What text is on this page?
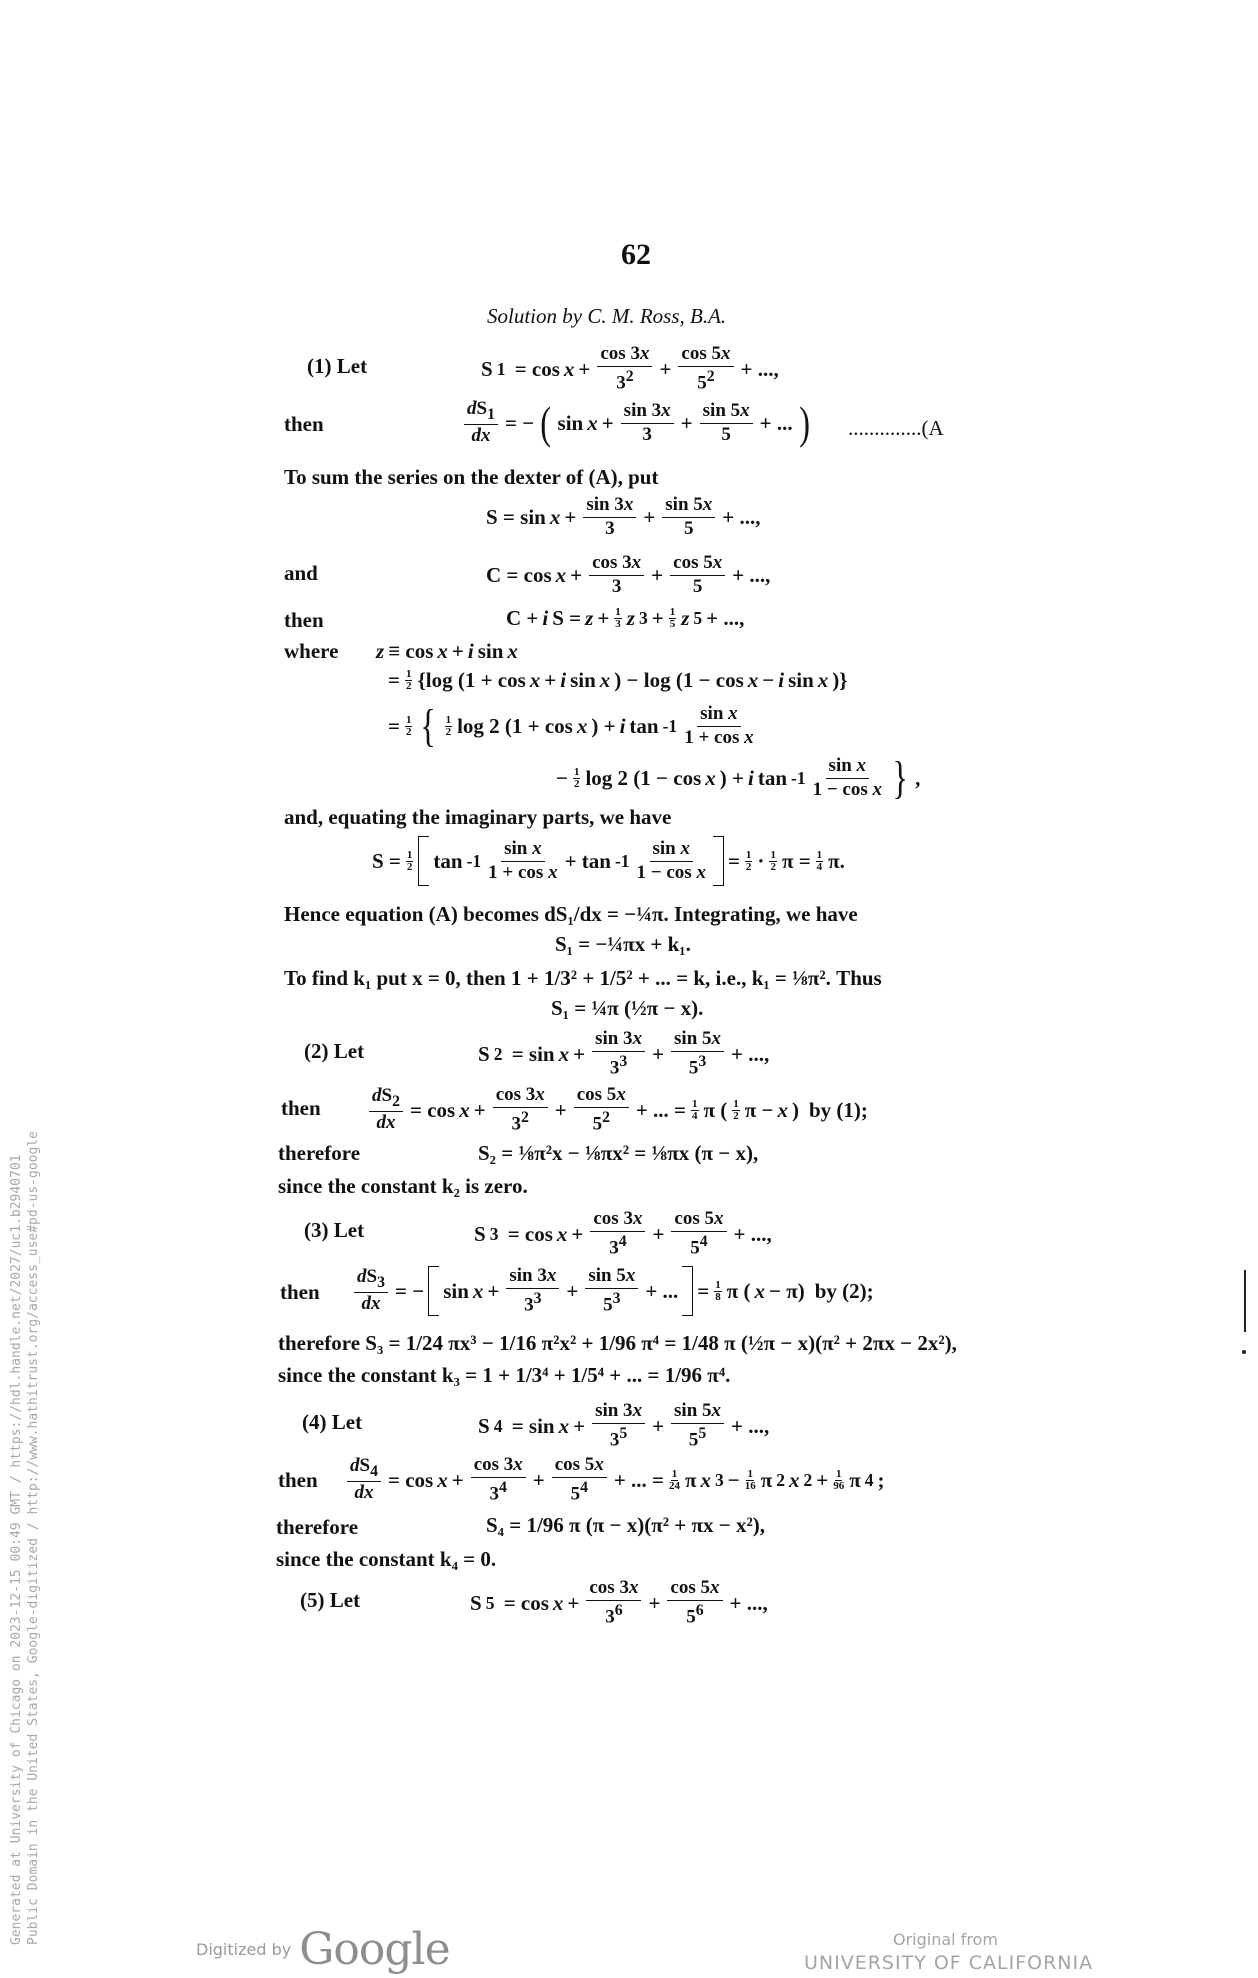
62
Solution by C. M. Ross, B.A.
(1) Let	S $1 = \cos x + \frac{\cos 3x}{3^2} + \frac{\cos 5x}{5^2}$ + ...,
then	$\frac{dS_1}{dx}$ = − ( $\sin x + \frac{\sin 3x}{3} + \frac{\sin 5x}{5}$ + ... ) ..............(A
To sum the series on the dexter of (A), put
$S = \sin x + \frac{\sin 3x}{3} + \frac{\sin 5x}{5}$ + ...,
and	$C = \cos x + \frac{\cos 3x}{3} + \frac{\cos 5x}{5}$ + ...,
then	C + i S = z + 1
3 z 3 + 1
5 z 5 + ...,
where z ≡ cos x + i sin x
= 1
2 {log (1 + cos x + i sin x ) − log (1 − cos x − i sin x )}
= 1
2 { 1
2 log 2 (1 + cos x ) + i $\tan -1 \frac{\text{sin x}}{\text{1 + cos x}}$
− 1
2 log 2 (1 − cos x ) + i $\tan -1 \frac{\text{sin x}}{\text{1 − cos x}}$ } ,
and, equating the imaginary parts, we have
S = 1
2 $\tan -1 \frac{\text{sin x}}{\text{1 + cos x}} + \tan -1 \frac{\text{sin x}}{\text{1 − cos x}} = 1$
2 · 1
2 π = 1
4 π.
Hence equation (A) becomes dS₁/dx = −¼π. Integrating, we have
S₁ = −¼πx + k₁.
To find k₁ put x = 0, then 1 + 1/3² + 1/5² + ... = k, i.e., k₁ = ⅛π². Thus
S₁ = ¼π (½π − x).
(2) Let	S $2 = \sin x + \frac{\sin 3x}{3^3} + \frac{\sin 5x}{5^3}$ + ...,
then	$\frac{dS_2}{dx} = \cos x + \frac{\cos 3x}{3^2} + \frac{\cos 5x}{5^2}$ + ... = 1
4 π ( 1
2 π − x ) by (1);
therefore	S₂ = ⅛π²x − ⅛πx² = ⅛πx (π − x),
since the constant k₂ is zero.
(3) Let	S $3 = \cos x + \frac{\cos 3x}{3^4} + \frac{\cos 5x}{5^4}$ + ...,
then $\frac{dS_3}{dx}$ = −
$\sin x + \frac{\sin 3x}{3^3} + \frac{\sin 5x}{5^3}$ + ...
= 1
8 π ( x − π) by (2);
therefore S₃ = 1/24 πx³ − 1/16 π²x² + 1/96 π⁴ = 1/48 π (½π − x)(π² + 2πx − 2x²),
since the constant k₃ = 1 + 1/3⁴ + 1/5⁴ + ... = 1/96 π⁴.
(4) Let	S $4 = \sin x + \frac{\sin 3x}{3^5} + \frac{\sin 5x}{5^5}$ + ...,
then $\frac{dS_4}{dx} = \cos x + \frac{\cos 3x}{3^4} + \frac{\cos 5x}{5^4}$ + ... = 1
24 π x 3 − 1
16 π 2 x 2 + 1
96 π 4 ;
therefore	S₄ = 1/96 π (π − x)(π² + πx − x²),
since the constant k₄ = 0.
(5) Let	S $5 = \cos x + \frac{\cos 3x}{3^6} + \frac{\cos 5x}{5^6}$ + ...,
Generated at University of Chicago on 2023-12-15 00:49 GMT / https://hdl.handle.net/2027/uc1.b2940701 Public Domain in the United States, Google-digitized / http://www.hathitrust.org/access_use#pd-us-google
Digitized by Google	Original from
UNIVERSITY OF CALIFORNIA
